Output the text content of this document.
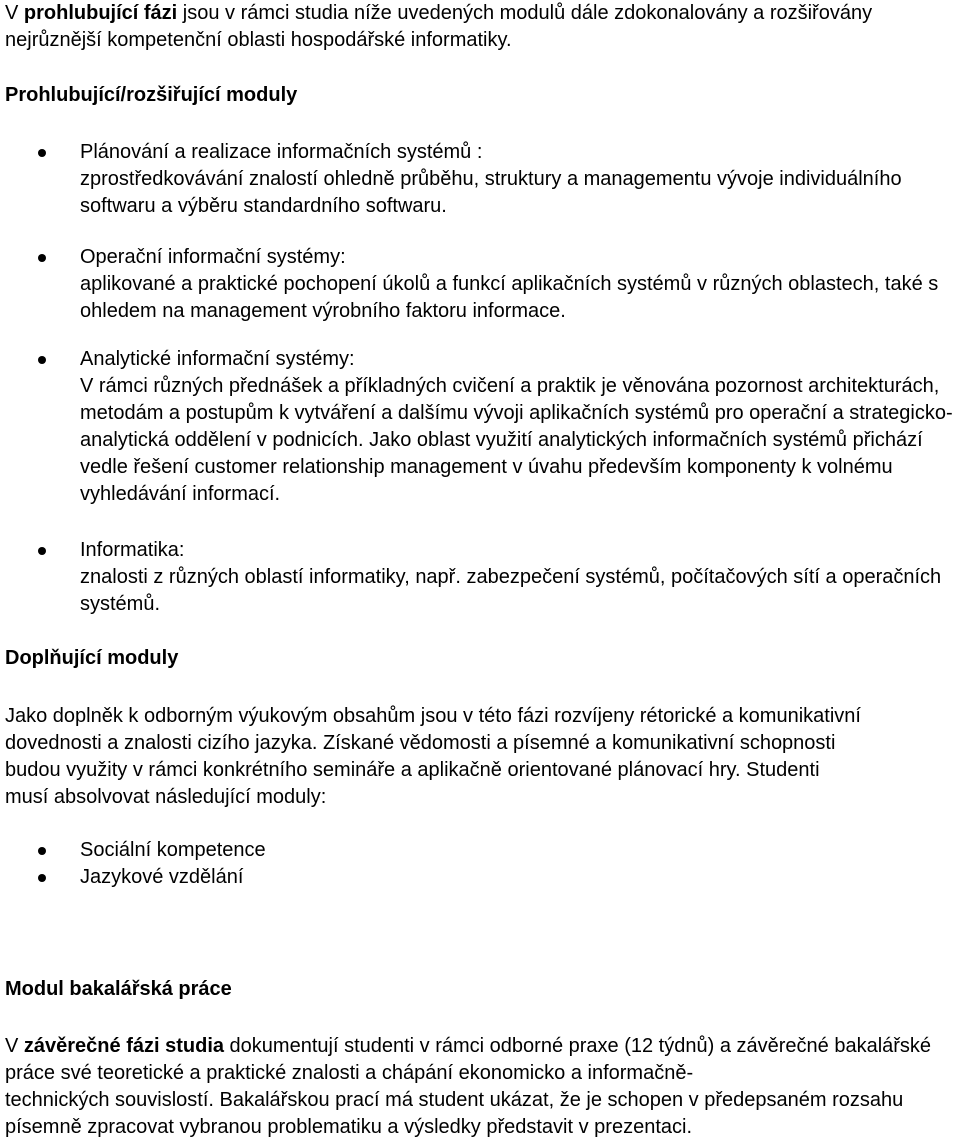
V prohlubující fázi jsou v rámci studia níže uvedených modulů dále zdokonalovány a rozšiřovány nejrůznější kompetenční oblasti hospodářské informatiky.

Prohlubující/rozšiřující moduly
Plánování a realizace informačních systémů :
zprostředkovávání znalostí ohledně průběhu, struktury a managementu vývoje individuálního softwaru a výběru standardního softwaru.
Operační informační systémy:
aplikované a praktické pochopení úkolů a funkcí aplikačních systémů v různých oblastech, také s ohledem na management výrobního faktoru informace.
Analytické informační systémy:
V rámci různých přednášek a příkladných cvičení a praktik je věnována pozornost architekturách, metodám a postupům k vytváření a dalšímu vývoji aplikačních systémů pro operační a strategicko-analytická oddělení v podnicích. Jako oblast využití analytických informačních systémů přichází vedle řešení customer relationship management v úvahu především komponenty k volnému vyhledávání informací.
Informatika:
znalosti z různých oblastí informatiky, např. zabezpečení systémů, počítačových sítí a operačních systémů.
Doplňující moduly

Jako doplněk k odborným výukovým obsahům jsou v této fázi rozvíjeny rétorické a komunikativní dovednosti a znalosti cizího jazyka. Získané vědomosti a písemné a komunikativní schopnosti budou využity v rámci konkrétního semináře a aplikačně orientované plánovací hry. Studenti musí absolvovat následující moduly:

Sociální kompetence
Jazykové vzdělání
Modul bakalářská práce

V závěrečné fázi studia dokumentují studenti v rámci odborné praxe (12 týdnů) a závěrečné bakalářské práce své teoretické a praktické znalosti a chápání ekonomicko a informačně-
technických souvislostí. Bakalářskou prací má student ukázat, že je schopen v předepsaném rozsahu písemně zpracovat vybranou problematiku a výsledky představit v prezentaci.
